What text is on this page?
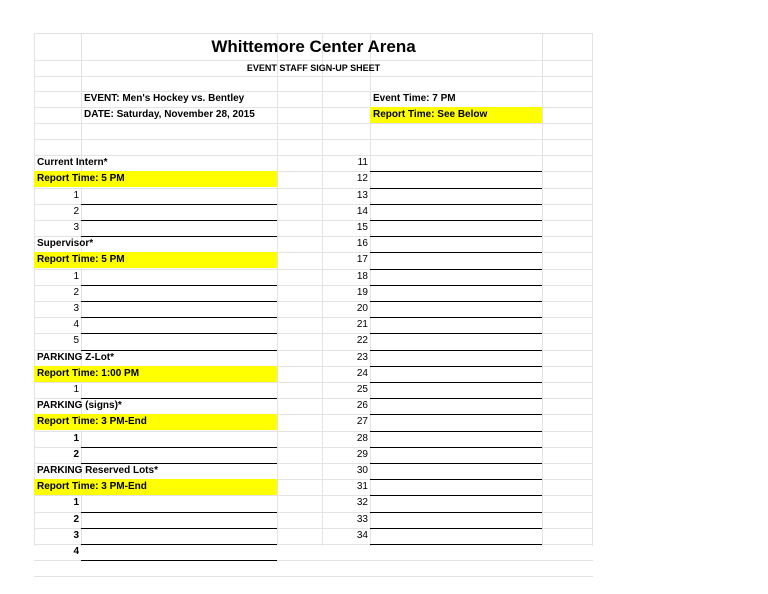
Whittemore Center Arena
EVENT STAFF SIGN-UP SHEET
EVENT: Men's Hockey vs. Bentley	Event Time: 7 PM
DATE: Saturday, November 28, 2015	Report Time: See Below
Current Intern*
Report Time: 5 PM
1
2
3
Supervisor*
Report Time: 5 PM
1
2
3
4
5
PARKING Z-Lot*
Report Time: 1:00 PM
1
PARKING (signs)*
Report Time: 3 PM-End
1
2
PARKING Reserved Lots*
Report Time: 3 PM-End
1
2
3
4
11
12
13
14
15
16
17
18
19
20
21
22
23
24
25
26
27
28
29
30
31
32
33
34
